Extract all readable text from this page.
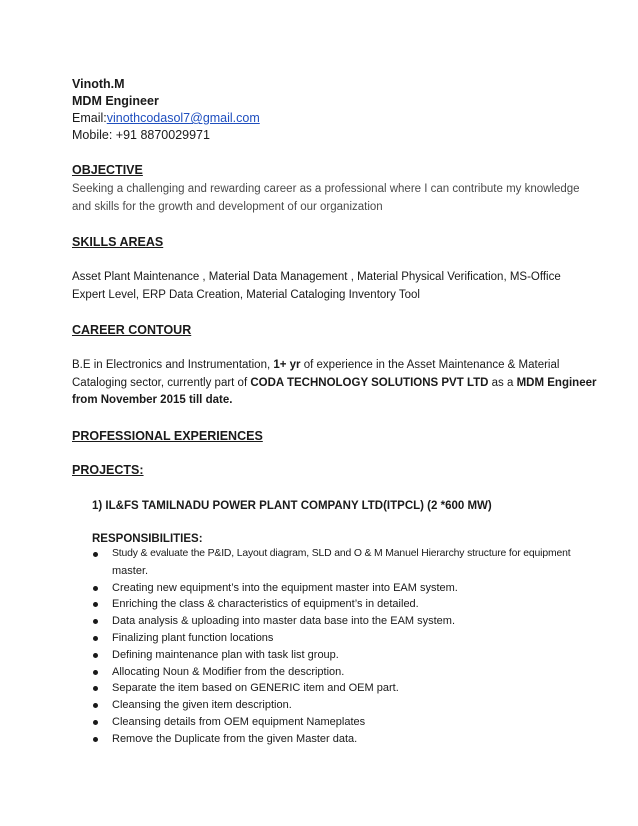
Vinoth.M
MDM Engineer
Email:vinothcodasol7@gmail.com
Mobile: +91 8870029971
OBJECTIVE
Seeking a challenging and rewarding career as a professional where I can contribute my knowledge
and skills for the growth and development of our organization
SKILLS AREAS
Asset Plant Maintenance , Material Data Management , Material Physical Verification, MS-Office
Expert Level, ERP Data Creation, Material Cataloging Inventory Tool
CAREER CONTOUR
B.E in Electronics and Instrumentation, 1+ yr of experience in the Asset Maintenance & Material
Cataloging sector, currently part of CODA TECHNOLOGY SOLUTIONS PVT LTD as a MDM Engineer
from November 2015 till date.
PROFESSIONAL EXPERIENCES
PROJECTS:
1) IL&FS TAMILNADU POWER PLANT COMPANY LTD(ITPCL) (2 *600 MW)
RESPONSIBILITIES:
Study & evaluate the P&ID, Layout diagram, SLD and O & M Manuel Hierarchy structure for equipment
master.
Creating new equipment’s into the equipment master into EAM system.
Enriching the class & characteristics of equipment’s in detailed.
Data analysis & uploading into master data base into the EAM system.
Finalizing plant function locations
Defining maintenance plan with task list group.
Allocating Noun & Modifier from the description.
Separate the item based on GENERIC item and OEM part.
Cleansing the given item description.
Cleansing details from OEM equipment Nameplates
Remove the Duplicate from the given Master data.
